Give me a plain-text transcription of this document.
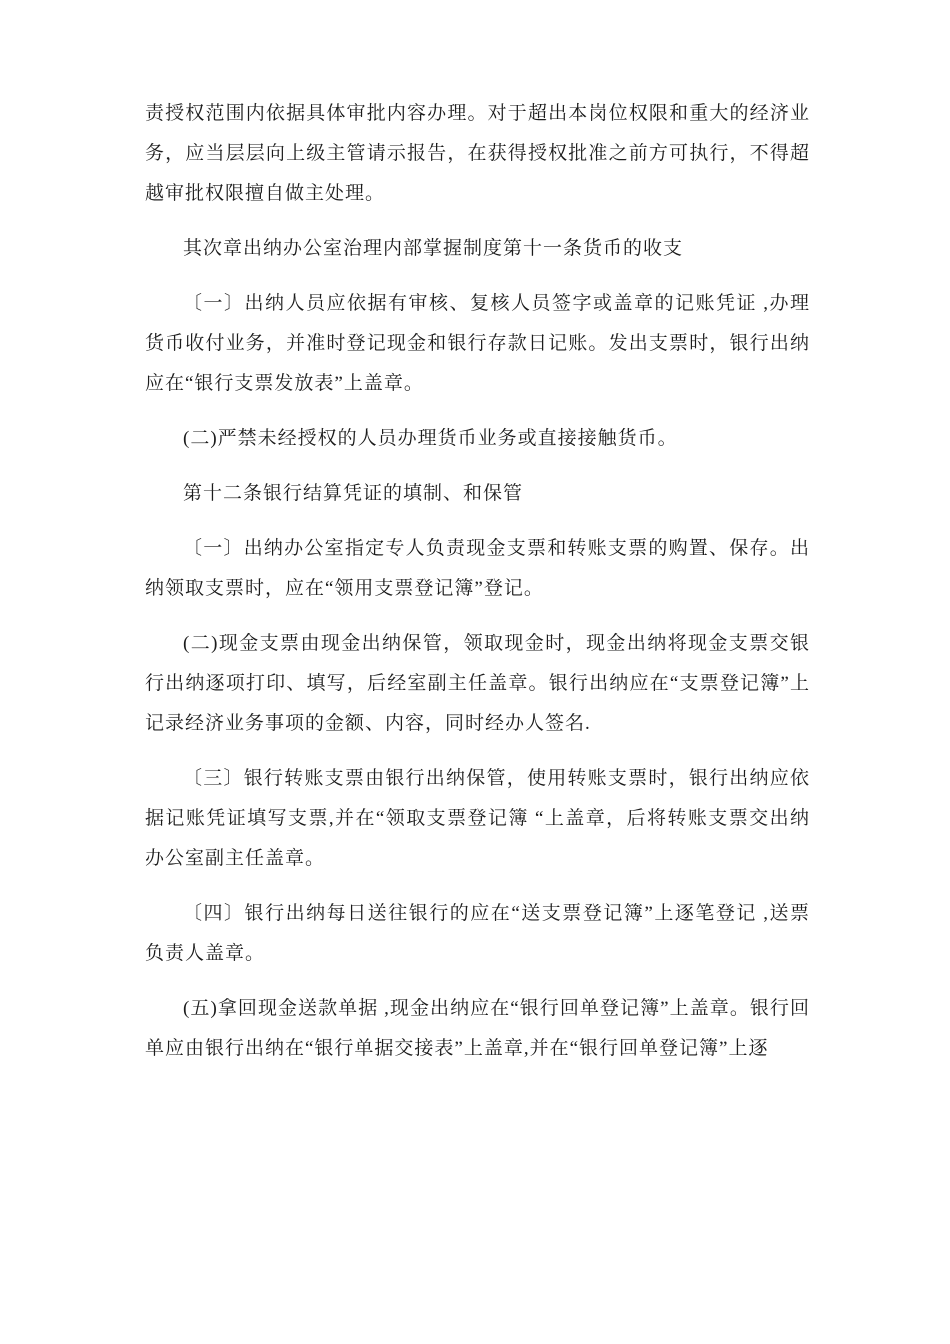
责授权范围内依据具体审批内容办理。对于超出本岗位权限和重大的经济业务，应当层层向上级主管请示报告，在获得授权批准之前方可执行，不得超越审批权限擅自做主处理。

其次章出纳办公室治理内部掌握制度第十一条货币的收支

〔一〕出纳人员应依据有审核、复核人员签字或盖章的记账凭证 ,办理货币收付业务，并准时登记现金和银行存款日记账。发出支票时，银行出纳应在“银行支票发放表”上盖章。

(二)严禁未经授权的人员办理货币业务或直接接触货币。

第十二条银行结算凭证的填制、和保管

〔一〕出纳办公室指定专人负责现金支票和转账支票的购置、保存。出纳领取支票时，应在“领用支票登记簿”登记。

(二)现金支票由现金出纳保管，领取现金时，现金出纳将现金支票交银行出纳逐项打印、填写，后经室副主任盖章。银行出纳应在“支票登记簿”上记录经济业务事项的金额、内容，同时经办人签名.

〔三〕银行转账支票由银行出纳保管，使用转账支票时，银行出纳应依据记账凭证填写支票,并在“领取支票登记簿 “上盖章，后将转账支票交出纳办公室副主任盖章。

〔四〕银行出纳每日送往银行的应在“送支票登记簿”上逐笔登记 ,送票负责人盖章。

(五)拿回现金送款单据 ,现金出纳应在“银行回单登记簿”上盖章。银行回单应由银行出纳在“银行单据交接表”上盖章,并在“银行回单登记簿”上逐
